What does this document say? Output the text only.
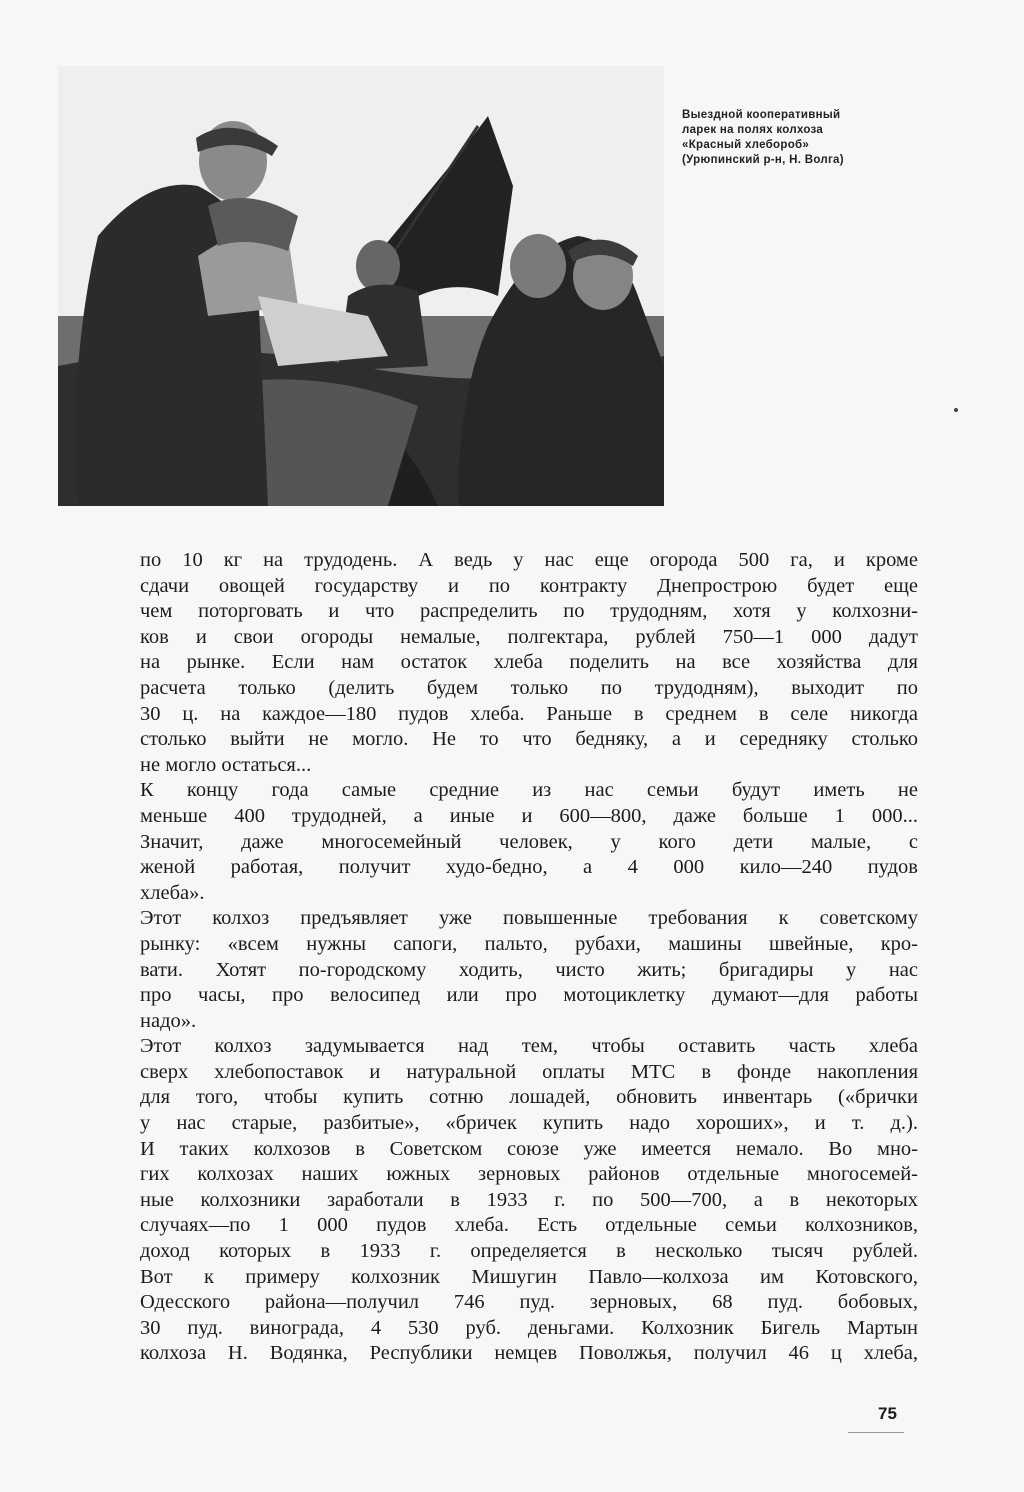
Выездной кооперативный
ларек на полях колхоза
«Красный хлебороб»
(Урюпинский р-н, Н. Волга)
по 10 кг на трудодень. А ведь у нас еще огорода 500 га, и кроме
сдачи овощей государству и по контракту Днепрострою будет еще
чем поторговать и что распределить по трудодням, хотя у колхозни-
ков и свои огороды немалые, полгектара, рублей 750—1 000 дадут
на рынке. Если нам остаток хлеба поделить на все хозяйства для
расчета только (делить будем только по трудодням), выходит по
30 ц. на каждое—180 пудов хлеба. Раньше в среднем в селе никогда
столько выйти не могло. Не то что бедняку, а и середняку столько
не могло остаться...
К концу года самые средние из нас семьи будут иметь не
меньше 400 трудодней, а иные и 600—800, даже больше 1 000...
Значит, даже многосемейный человек, у кого дети малые, с
женой работая, получит худо-бедно, а 4 000 кило—240 пудов
хлеба».
Этот колхоз предъявляет уже повышенные требования к советскому
рынку: «всем нужны сапоги, пальто, рубахи, машины швейные, кро-
вати. Хотят по-городскому ходить, чисто жить; бригадиры у нас
про часы, про велосипед или про мотоциклетку думают—для работы
надо».
Этот колхоз задумывается над тем, чтобы оставить часть хлеба
сверх хлебопоставок и натуральной оплаты МТС в фонде накопления
для того, чтобы купить сотню лошадей, обновить инвентарь («брички
у нас старые, разбитые», «бричек купить надо хороших», и т. д.).
И таких колхозов в Советском союзе уже имеется немало. Во мно-
гих колхозах наших южных зерновых районов отдельные многосемей-
ные колхозники заработали в 1933 г. по 500—700, а в некоторых
случаях—по 1 000 пудов хлеба. Есть отдельные семьи колхозников,
доход которых в 1933 г. определяется в несколько тысяч рублей.
Вот к примеру колхозник Мишугин Павло—колхоза им Котовского,
Одесского района—получил 746 пуд. зерновых, 68 пуд. бобовых,
30 пуд. винограда, 4 530 руб. деньгами. Колхозник Бигель Мартын
колхоза Н. Водянка, Республики немцев Поволжья, получил 46 ц хлеба,
75
